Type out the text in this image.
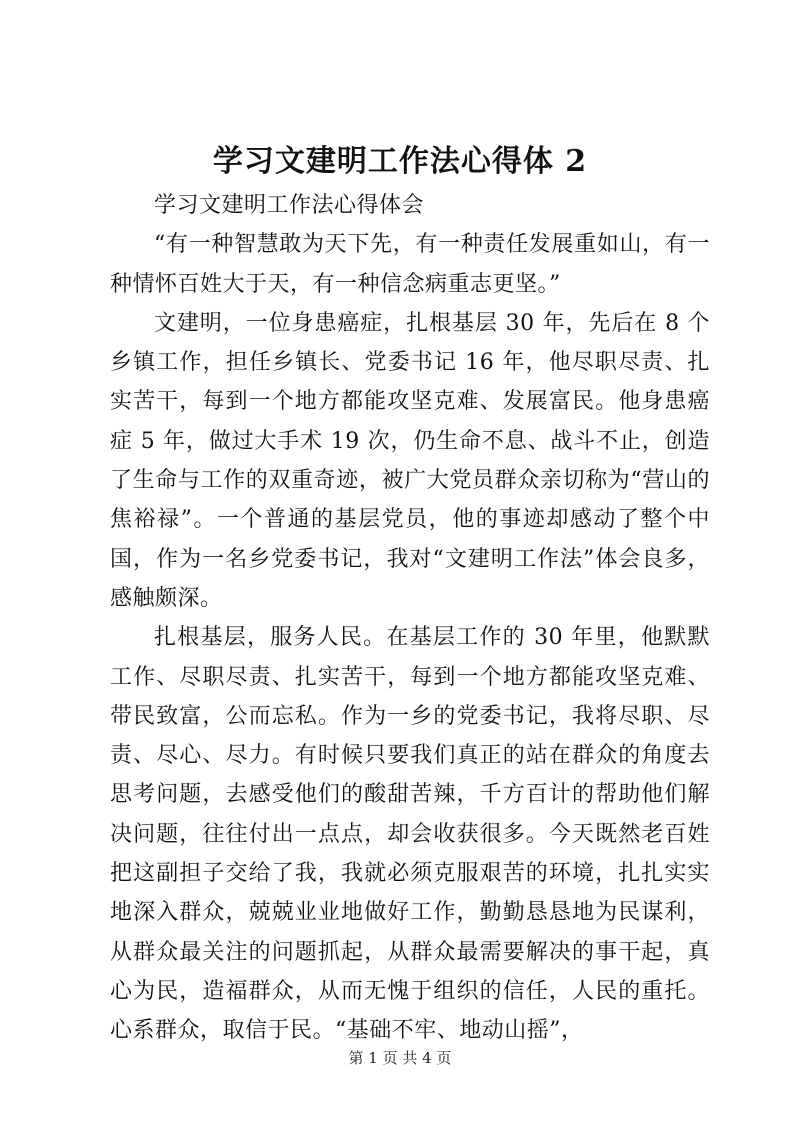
学习文建明工作法心得体 2

学习文建明工作法心得体会

“有一种智慧敢为天下先，有一种责任发展重如山，有一种情怀百姓大于天，有一种信念病重志更坚。”

文建明，一位身患癌症，扎根基层 30 年，先后在 8 个乡镇工作，担任乡镇长、党委书记 16 年，他尽职尽责、扎实苦干，每到一个地方都能攻坚克难、发展富民。他身患癌症 5 年，做过大手术 19 次，仍生命不息、战斗不止，创造了生命与工作的双重奇迹，被广大党员群众亲切称为“营山的焦裕禄”。一个普通的基层党员，他的事迹却感动了整个中国，作为一名乡党委书记，我对“文建明工作法”体会良多，感触颇深。

扎根基层，服务人民。在基层工作的 30 年里，他默默工作、尽职尽责、扎实苦干，每到一个地方都能攻坚克难、带民致富，公而忘私。作为一乡的党委书记，我将尽职、尽责、尽心、尽力。有时候只要我们真正的站在群众的角度去思考问题，去感受他们的酸甜苦辣，千方百计的帮助他们解决问题，往往付出一点点，却会收获很多。今天既然老百姓把这副担子交给了我，我就必须克服艰苦的环境，扎扎实实地深入群众，兢兢业业地做好工作，勤勤恳恳地为民谋利，从群众最关注的问题抓起，从群众最需要解决的事干起，真心为民，造福群众，从而无愧于组织的信任，人民的重托。心系群众，取信于民。“基础不牢、地动山摇”，

第 1 页 共 4 页
